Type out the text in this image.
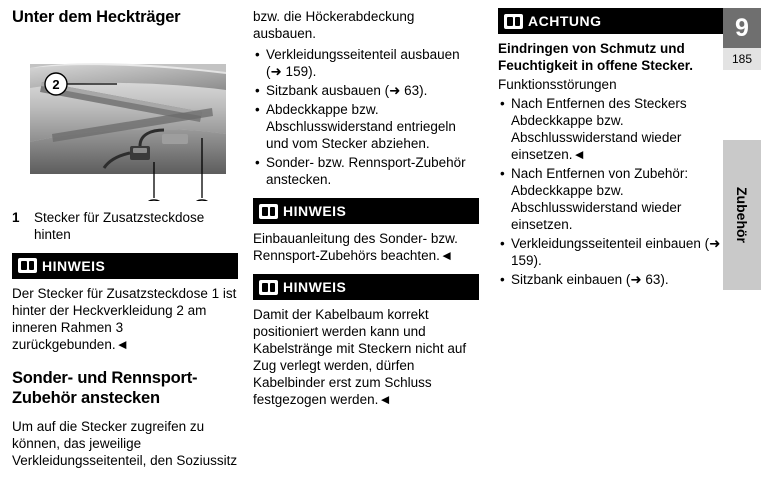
Unter dem Heckträger
2
1	Stecker für Zusatzsteckdose hinten
HINWEIS

Der Stecker für Zusatzsteckdose 1 ist hinter der Heckverkleidung 2 am inneren Rahmen 3 zurückgebunden.◄

Sonder- und Rennsport-Zubehör anstecken

Um auf die Stecker zugreifen zu können, das jeweilige Verkleidungsseitenteil, den Soziussitz

bzw. die Höckerabdeckung ausbauen.

• Verkleidungsseitenteil ausbauen (➜ 159).
• Sitzbank ausbauen (➜ 63).
• Abdeckkappe bzw. Abschlusswiderstand entriegeln und vom Stecker abziehen.
• Sonder- bzw. Rennsport-Zubehör anstecken.
HINWEIS

Einbauanleitung des Sonder- bzw. Rennsport-Zubehörs beachten.◄

HINWEIS

Damit der Kabelbaum korrekt positioniert werden kann und Kabelstränge mit Steckern nicht auf Zug verlegt werden, dürfen Kabelbinder erst zum Schluss festgezogen werden.◄

ACHTUNG

Eindringen von Schmutz und Feuchtigkeit in offene Stecker.

Funktionsstörungen

• Nach Entfernen des Steckers Abdeckkappe bzw. Abschlusswiderstand wieder einsetzen.◄
• Nach Entfernen von Zubehör: Abdeckkappe bzw. Abschlusswiderstand wieder einsetzen.
• Verkleidungsseitenteil einbauen (➜ 159).
• Sitzbank einbauen (➜ 63).
9
185
Zubehör
